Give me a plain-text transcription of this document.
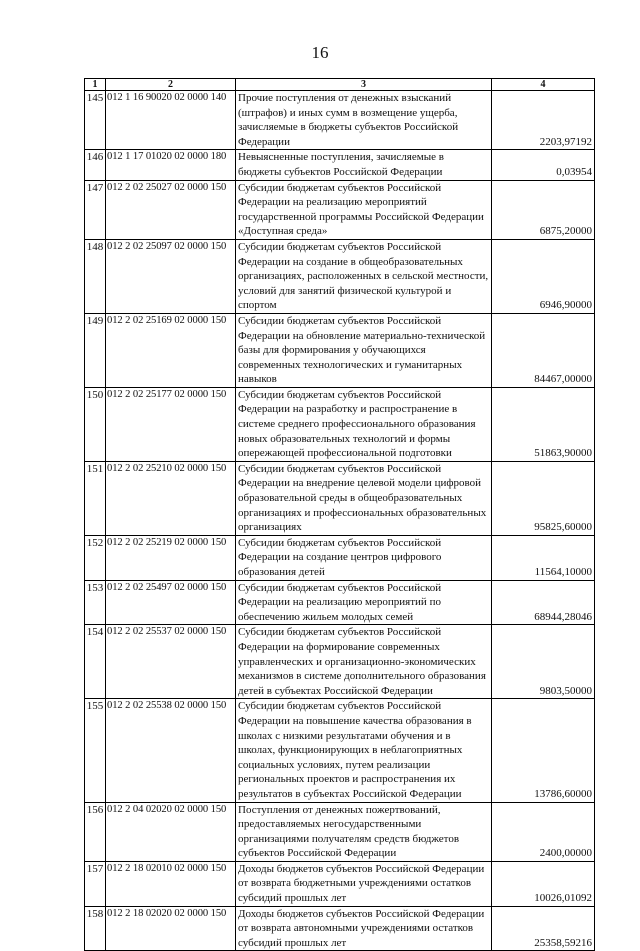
16
1	2	3	4
145	012 1 16 90020 02 0000 140	Прочие поступления от денежных взысканий (штрафов) и иных сумм в возмещение ущерба, зачисляемые в бюджеты субъектов Российской Федерации	2203,97192
146	012 1 17 01020 02 0000 180	Невыясненные поступления, зачисляемые в бюджеты субъектов Российской Федерации	0,03954
147	012 2 02 25027 02 0000 150	Субсидии бюджетам субъектов Российской Федерации на реализацию мероприятий государственной программы Российской Федерации «Доступная среда»	6875,20000
148	012 2 02 25097 02 0000 150	Субсидии бюджетам субъектов Российской Федерации на создание в общеобразовательных организациях, расположенных в сельской местности, условий для занятий физической культурой и спортом	6946,90000
149	012 2 02 25169 02 0000 150	Субсидии бюджетам субъектов Российской Федерации на обновление материально-технической базы для формирования у обучающихся современных технологических и гуманитарных навыков	84467,00000
150	012 2 02 25177 02 0000 150	Субсидии бюджетам субъектов Российской Федерации на разработку и распространение в системе среднего профессионального образования новых образовательных технологий и формы опережающей профессиональной подготовки	51863,90000
151	012 2 02 25210 02 0000 150	Субсидии бюджетам субъектов Российской Федерации на внедрение целевой модели цифровой образовательной среды в общеобразовательных организациях и профессиональных образовательных организациях	95825,60000
152	012 2 02 25219 02 0000 150	Субсидии бюджетам субъектов Российской Федерации на создание центров цифрового образования детей	11564,10000
153	012 2 02 25497 02 0000 150	Субсидии бюджетам субъектов Российской Федерации на реализацию мероприятий по обеспечению жильем молодых семей	68944,28046
154	012 2 02 25537 02 0000 150	Субсидии бюджетам субъектов Российской Федерации на формирование современных управленческих и организационно-экономических механизмов в системе дополнительного образования детей в субъектах Российской Федерации	9803,50000
155	012 2 02 25538 02 0000 150	Субсидии бюджетам субъектов Российской Федерации на повышение качества образования в школах с низкими результатами обучения и в школах, функционирующих в неблагоприятных социальных условиях, путем реализации региональных проектов и распространения их результатов в субъектах Российской Федерации	13786,60000
156	012 2 04 02020 02 0000 150	Поступления от денежных пожертвований, предоставляемых негосударственными организациями получателям средств бюджетов субъектов Российской Федерации	2400,00000
157	012 2 18 02010 02 0000 150	Доходы бюджетов субъектов Российской Федерации от возврата бюджетными учреждениями остатков субсидий прошлых лет	10026,01092
158	012 2 18 02020 02 0000 150	Доходы бюджетов субъектов Российской Федерации от возврата автономными учреждениями остатков субсидий прошлых лет	25358,59216
